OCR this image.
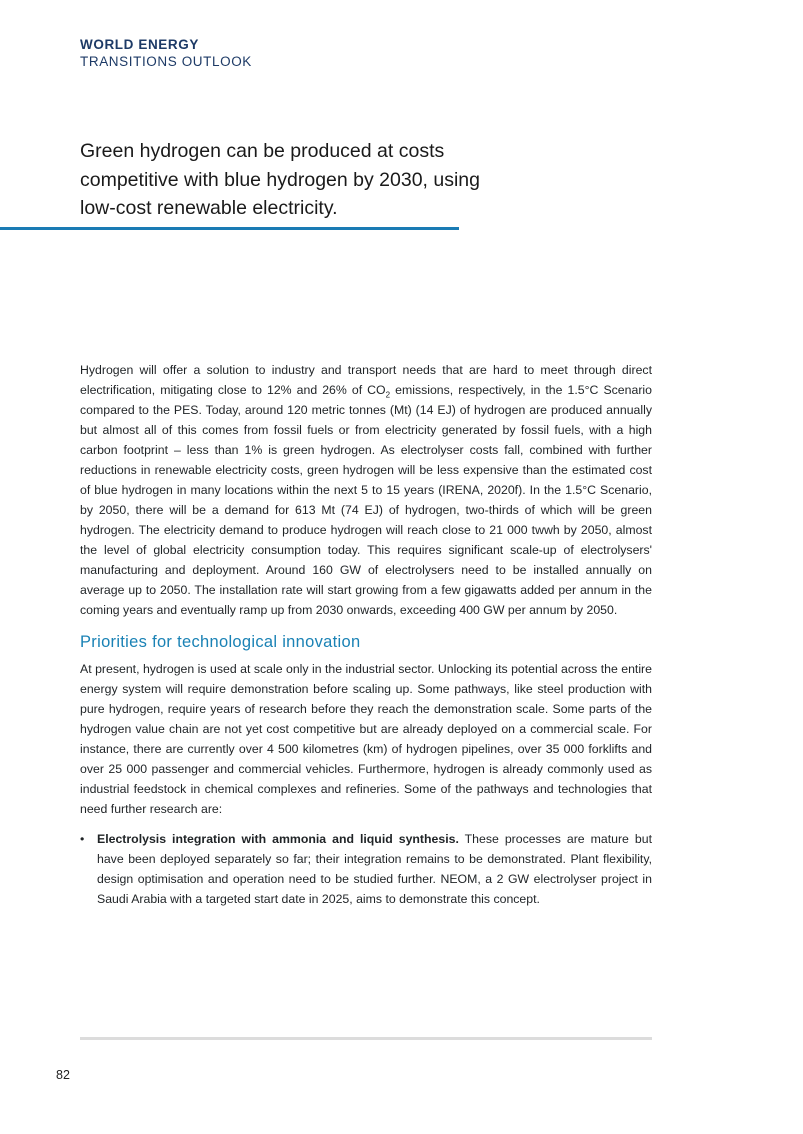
WORLD ENERGY
TRANSITIONS OUTLOOK

Green hydrogen can be produced at costs competitive with blue hydrogen by 2030, using low-cost renewable electricity.

Hydrogen will offer a solution to industry and transport needs that are hard to meet through direct electrification, mitigating close to 12% and 26% of $CO_2$ emissions, respectively, in the 1.5°C Scenario compared to the PES. Today, around 120 metric tonnes (Mt) (14 EJ) of hydrogen are produced annually but almost all of this comes from fossil fuels or from electricity generated by fossil fuels, with a high carbon footprint – less than 1% is green hydrogen. As electrolyser costs fall, combined with further reductions in renewable electricity costs, green hydrogen will be less expensive than the estimated cost of blue hydrogen in many locations within the next 5 to 15 years (IRENA, 2020f). In the 1.5°C Scenario, by 2050, there will be a demand for 613 Mt (74 EJ) of hydrogen, two-thirds of which will be green hydrogen. The electricity demand to produce hydrogen will reach close to 21 000 twwh by 2050, almost the level of global electricity consumption today. This requires significant scale-up of electrolysers' manufacturing and deployment. Around 160 GW of electrolysers need to be installed annually on average up to 2050. The installation rate will start growing from a few gigawatts added per annum in the coming years and eventually ramp up from 2030 onwards, exceeding 400 GW per annum by 2050.

Priorities for technological innovation

At present, hydrogen is used at scale only in the industrial sector. Unlocking its potential across the entire energy system will require demonstration before scaling up. Some pathways, like steel production with pure hydrogen, require years of research before they reach the demonstration scale. Some parts of the hydrogen value chain are not yet cost competitive but are already deployed on a commercial scale. For instance, there are currently over 4 500 kilometres (km) of hydrogen pipelines, over 35 000 forklifts and over 25 000 passenger and commercial vehicles. Furthermore, hydrogen is already commonly used as industrial feedstock in chemical complexes and refineries. Some of the pathways and technologies that need further research are:

• Electrolysis integration with ammonia and liquid synthesis. These processes are mature but have been deployed separately so far; their integration remains to be demonstrated. Plant flexibility, design optimisation and operation need to be studied further. NEOM, a 2 GW electrolyser project in Saudi Arabia with a targeted start date in 2025, aims to demonstrate this concept.
82
